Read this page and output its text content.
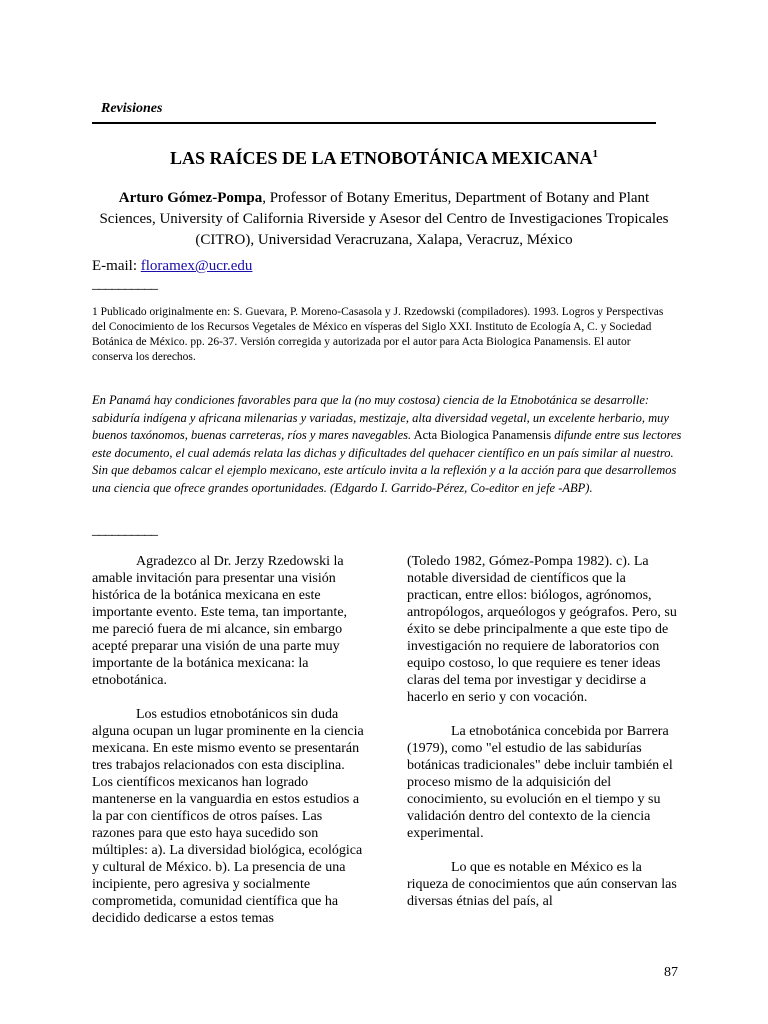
Revisiones
LAS RAÍCES DE LA ETNOBOTÁNICA MEXICANA$^1$
Arturo Gómez-Pompa, Professor of Botany Emeritus, Department of Botany and Plant Sciences, University of California Riverside y Asesor del Centro de Investigaciones Tropicales (CITRO), Universidad Veracruzana, Xalapa, Veracruz, México
E-mail: floramex@ucr.edu
__________
1 Publicado originalmente en: S. Guevara, P. Moreno-Casasola y J. Rzedowski (compiladores). 1993. Logros y Perspectivas del Conocimiento de los Recursos Vegetales de México en vísperas del Siglo XXI. Instituto de Ecología A, C. y Sociedad Botánica de México. pp. 26-37. Versión corregida y autorizada por el autor para Acta Biologica Panamensis. El autor conserva los derechos.
En Panamá hay condiciones favorables para que la (no muy costosa) ciencia de la Etnobotánica se desarrolle: sabiduría indígena y africana milenarias y variadas, mestizaje, alta diversidad vegetal, un excelente herbario, muy buenos taxónomos, buenas carreteras, ríos y mares navegables. Acta Biologica Panamensis difunde entre sus lectores este documento, el cual además relata las dichas y dificultades del quehacer científico en un país similar al nuestro. Sin que debamos calcar el ejemplo mexicano, este artículo invita a la reflexión y a la acción para que desarrollemos una ciencia que ofrece grandes oportunidades. (Edgardo I. Garrido-Pérez, Co-editor en jefe -ABP).
__________

Agradezco al Dr. Jerzy Rzedowski la amable invitación para presentar una visión histórica de la botánica mexicana en este importante evento. Este tema, tan importante, me pareció fuera de mi alcance, sin embargo acepté preparar una visión de una parte muy importante de la botánica mexicana: la etnobotánica.

Los estudios etnobotánicos sin duda alguna ocupan un lugar prominente en la ciencia mexicana. En este mismo evento se presentarán tres trabajos relacionados con esta disciplina. Los científicos mexicanos han logrado mantenerse en la vanguardia en estos estudios a la par con científicos de otros países. Las razones para que esto haya sucedido son múltiples: a). La diversidad biológica, ecológica y cultural de México. b). La presencia de una incipiente, pero agresiva y socialmente comprometida, comunidad científica que ha decidido dedicarse a estos temas

(Toledo 1982, Gómez-Pompa 1982). c). La notable diversidad de científicos que la practican, entre ellos: biólogos, agrónomos, antropólogos, arqueólogos y geógrafos. Pero, su éxito se debe principalmente a que este tipo de investigación no requiere de laboratorios con equipo costoso, lo que requiere es tener ideas claras del tema por investigar y decidirse a hacerlo en serio y con vocación.

La etnobotánica concebida por Barrera (1979), como "el estudio de las sabidurías botánicas tradicionales" debe incluir también el proceso mismo de la adquisición del conocimiento, su evolución en el tiempo y su validación dentro del contexto de la ciencia experimental.

Lo que es notable en México es la riqueza de conocimientos que aún conservan las diversas étnias del país, al

87
